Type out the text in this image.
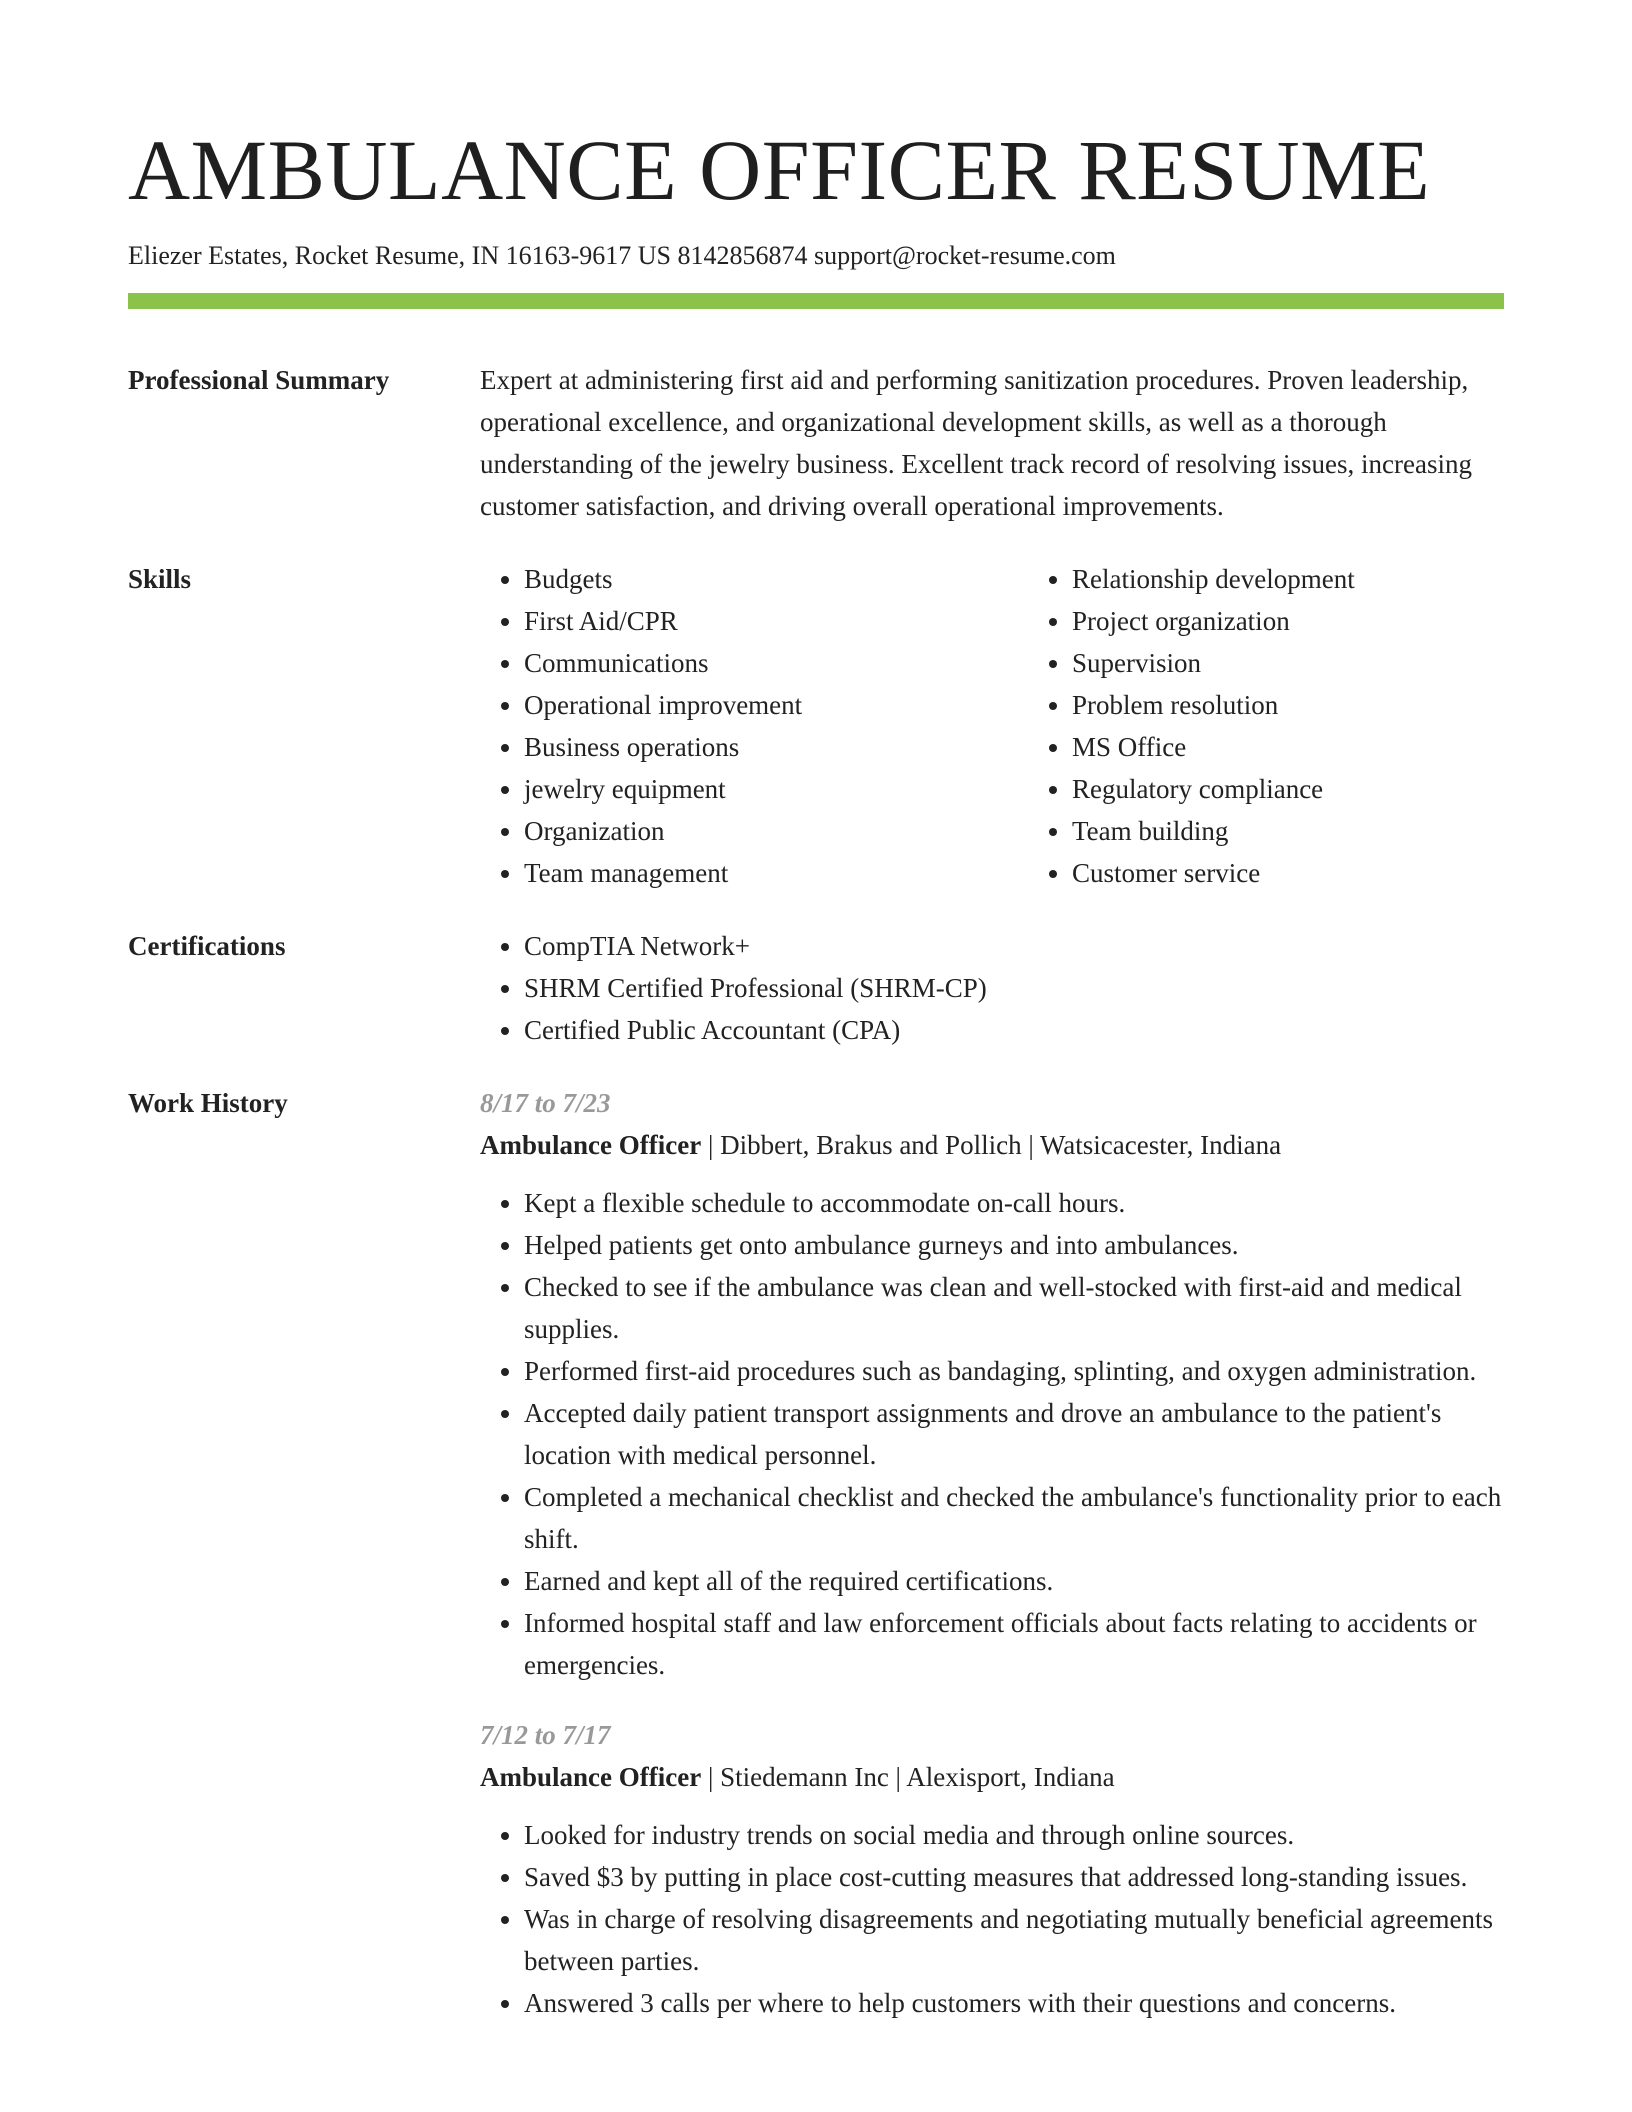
AMBULANCE OFFICER RESUME
Eliezer Estates, Rocket Resume, IN 16163-9617 US 8142856874 support@rocket-resume.com
Professional Summary	Expert at administering first aid and performing sanitization procedures. Proven leadership, operational excellence, and organizational development skills, as well as a thorough understanding of the jewelry business. Excellent track record of resolving issues, increasing customer satisfaction, and driving overall operational improvements.

Skills	• Budgets
• First Aid/CPR
• Communications
• Operational improvement
• Business operations
• jewelry equipment
• Organization
• Team management
• Relationship development
• Project organization
• Supervision
• Problem resolution
• MS Office
• Regulatory compliance
• Team building
• Customer service
Certifications	• CompTIA Network+
• SHRM Certified Professional (SHRM-CP)
• Certified Public Accountant (CPA)
Work History	8/17 to 7/23
Ambulance Officer | Dibbert, Brakus and Pollich | Watsicacester, Indiana
• Kept a flexible schedule to accommodate on-call hours.
• Helped patients get onto ambulance gurneys and into ambulances.
• Checked to see if the ambulance was clean and well-stocked with first-aid and medical supplies.
• Performed first-aid procedures such as bandaging, splinting, and oxygen administration.
• Accepted daily patient transport assignments and drove an ambulance to the patient's location with medical personnel.
• Completed a mechanical checklist and checked the ambulance's functionality prior to each shift.
• Earned and kept all of the required certifications.
• Informed hospital staff and law enforcement officials about facts relating to accidents or emergencies.
7/12 to 7/17
Ambulance Officer | Stiedemann Inc | Alexisport, Indiana
• Looked for industry trends on social media and through online sources.
• Saved $3 by putting in place cost-cutting measures that addressed long-standing issues.
• Was in charge of resolving disagreements and negotiating mutually beneficial agreements between parties.
• Answered 3 calls per where to help customers with their questions and concerns.
